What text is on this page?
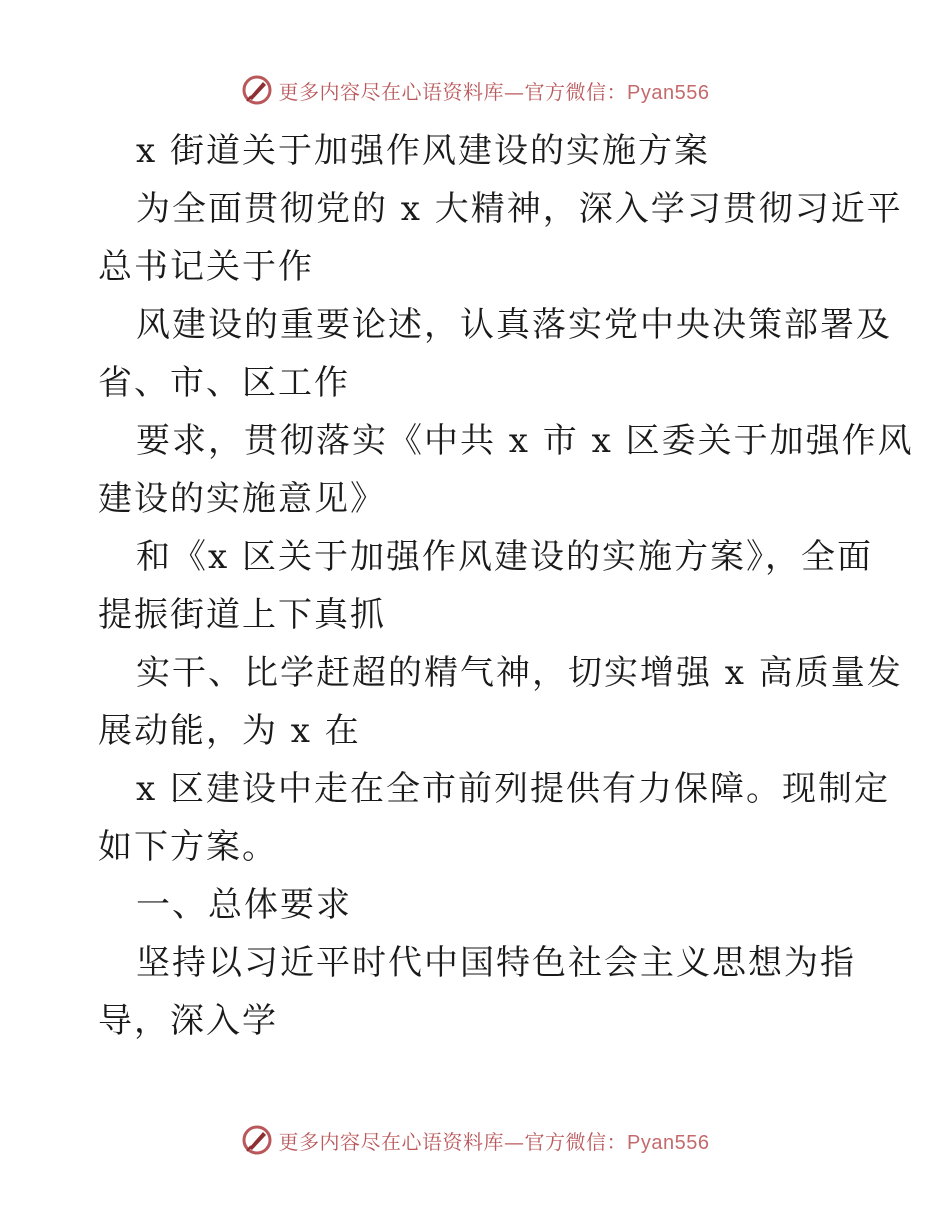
更多内容尽在心语资料库—官方微信：Pyan556
x 街道关于加强作风建设的实施方案
为全面贯彻党的 x 大精神，深入学习贯彻习近平
总书记关于作
风建设的重要论述，认真落实党中央决策部署及
省、市、区工作
要求，贯彻落实《中共 x 市 x 区委关于加强作风
建设的实施意见》
和《x 区关于加强作风建设的实施方案》，全面
提振街道上下真抓
实干、比学赶超的精气神，切实增强 x 高质量发
展动能，为 x 在
x 区建设中走在全市前列提供有力保障。现制定
如下方案。
一、总体要求
坚持以习近平时代中国特色社会主义思想为指
导，深入学
更多内容尽在心语资料库—官方微信：Pyan556
